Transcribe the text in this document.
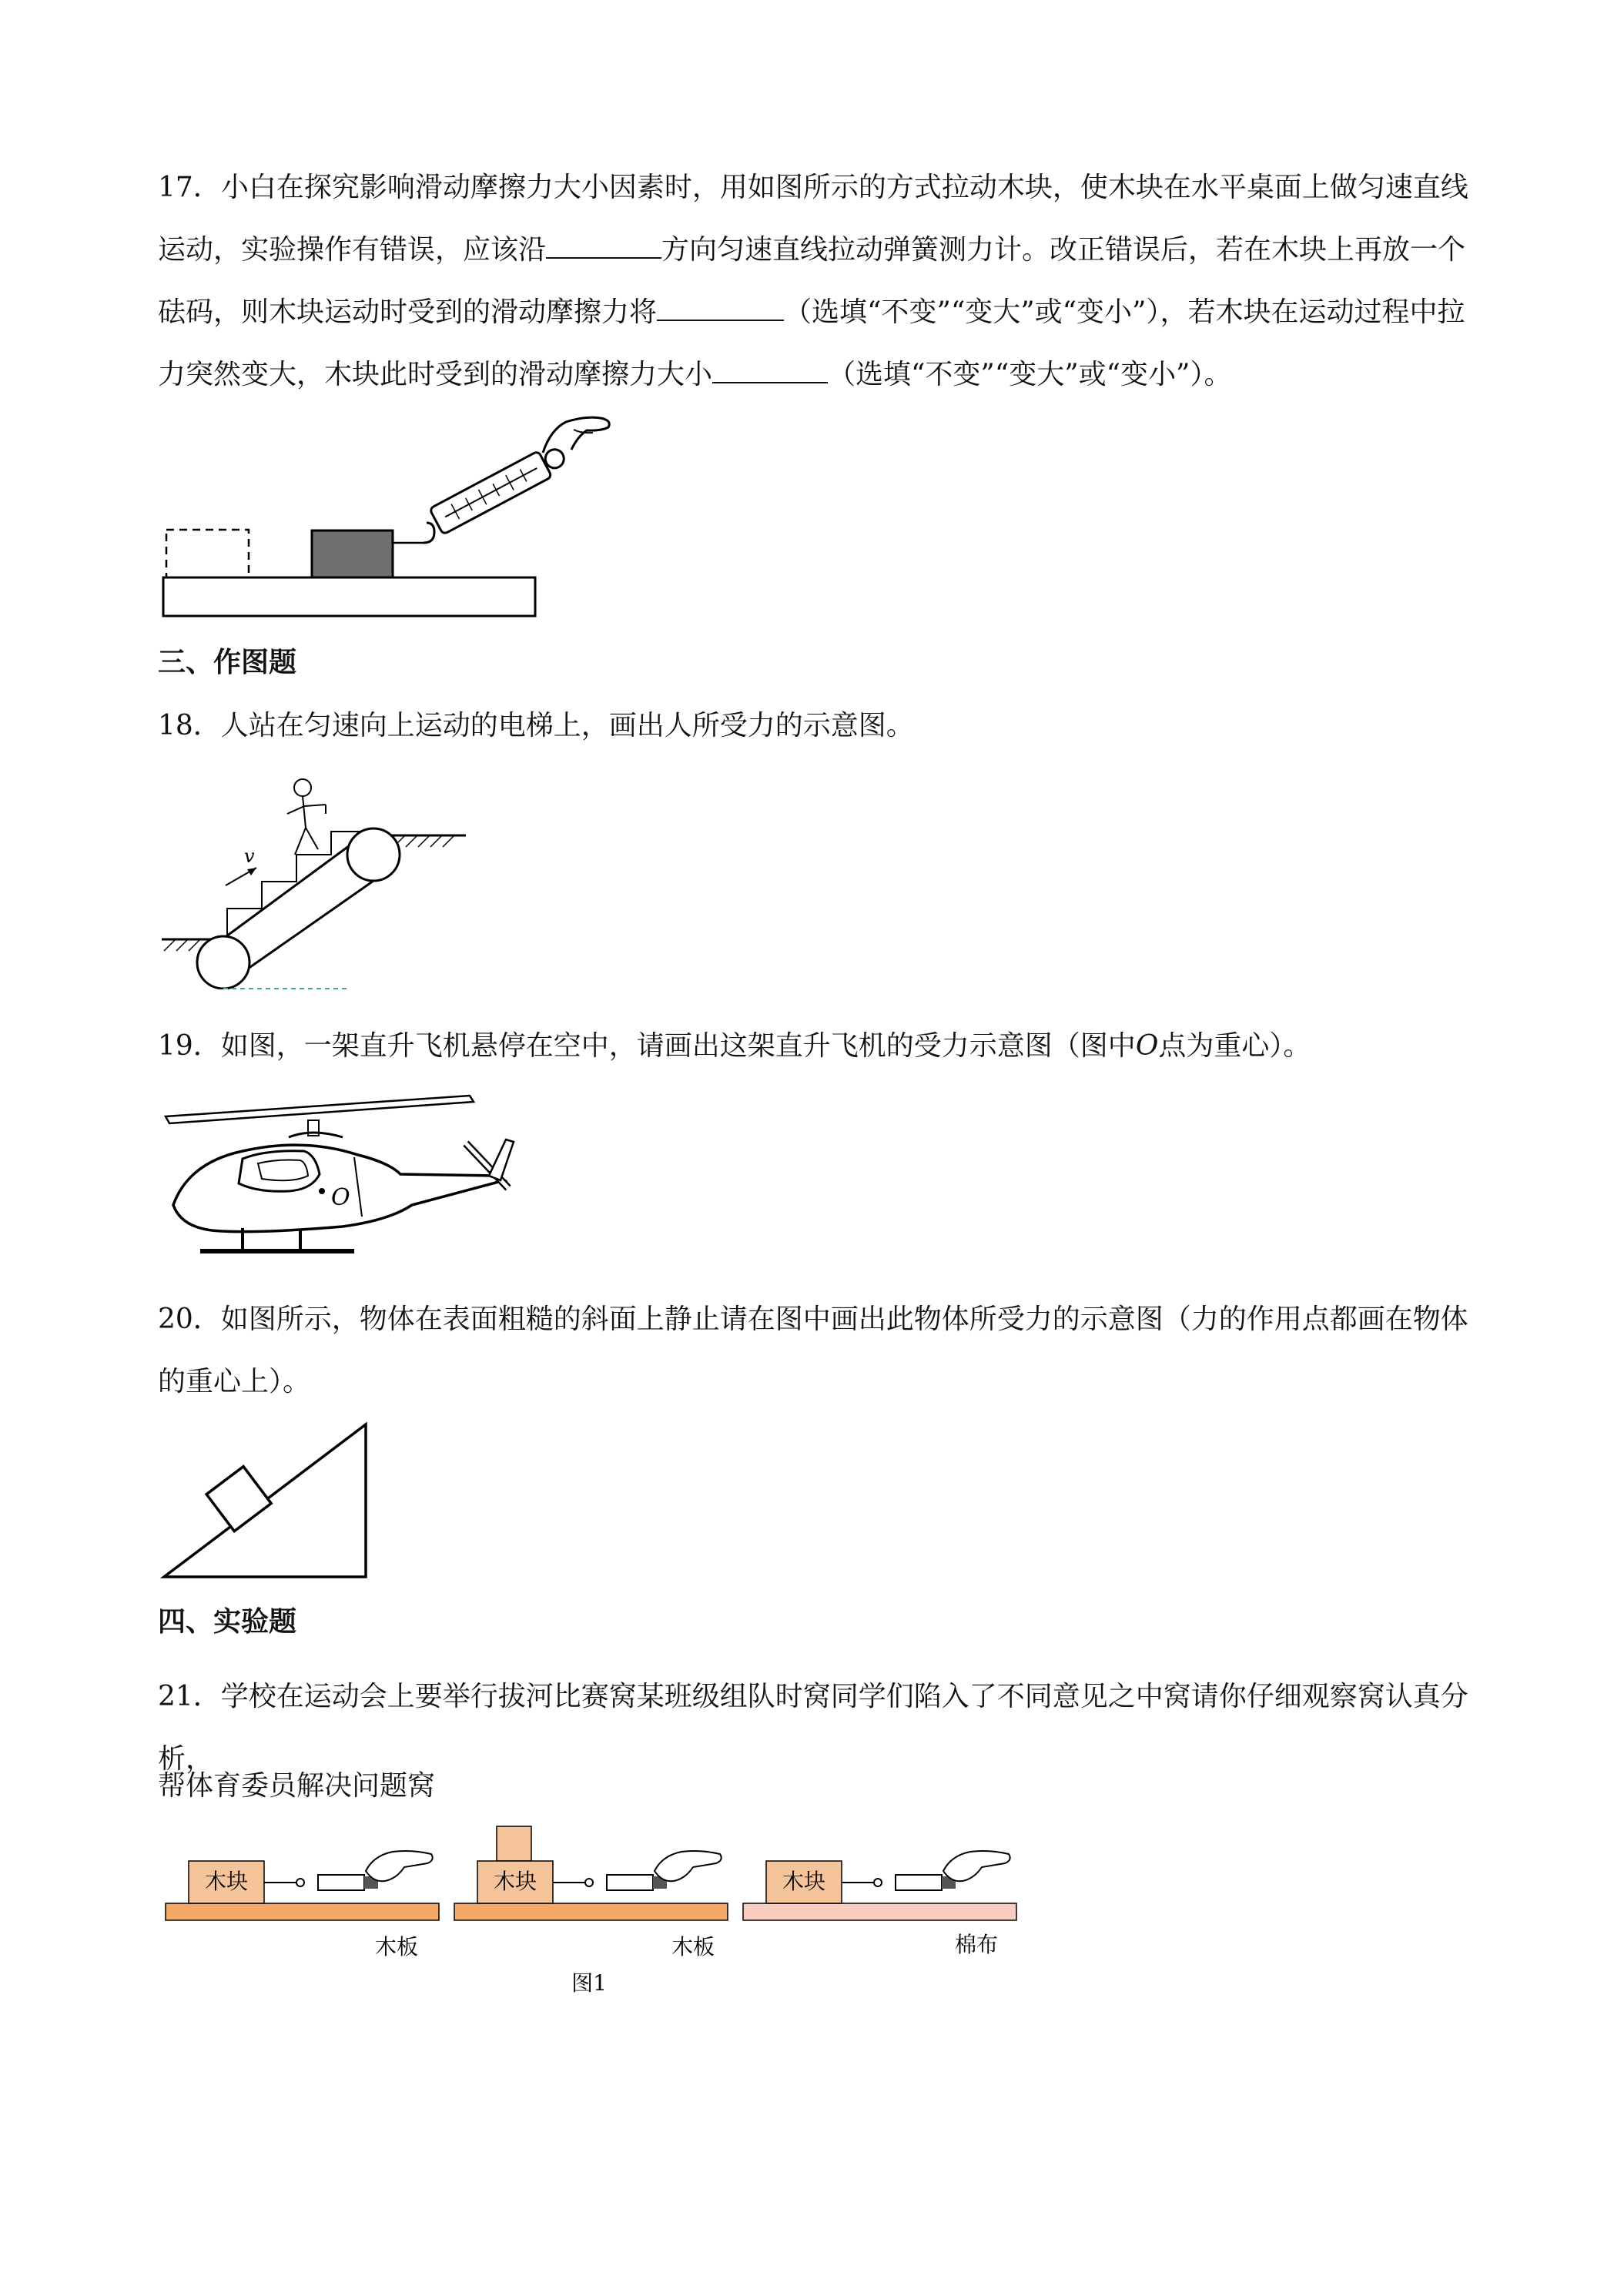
17．小白在探究影响滑动摩擦力大小因素时，用如图所示的方式拉动木块，使木块在水平桌面上做匀速直线运动，实验操作有错误，应该沿	方向匀速直线拉动弹簧测力计。改正错误后，若在木块上再放一个砝码，则木块运动时受到的滑动摩擦力将	（选填“不变”“变大”或“变小”），若木块在运动过程中拉力突然变大，木块此时受到的滑动摩擦力大小	（选填“不变”“变大”或“变小”）。
三、作图题
18．人站在匀速向上运动的电梯上，画出人所受力的示意图。
v
19．如图，一架直升飞机悬停在空中，请画出这架直升飞机的受力示意图（图中O点为重心）。
O
20．如图所示，物体在表面粗糙的斜面上静止请在图中画出此物体所受力的示意图（力的作用点都画在物体的重心上）。
四、实验题
21．学校在运动会上要举行拔河比赛窝某班级组队时窝同学们陷入了不同意见之中窝请你仔细观察窝认真分析，
帮体育委员解决问题窝
木块
木板
木块
木板
木块
棉布
图1
